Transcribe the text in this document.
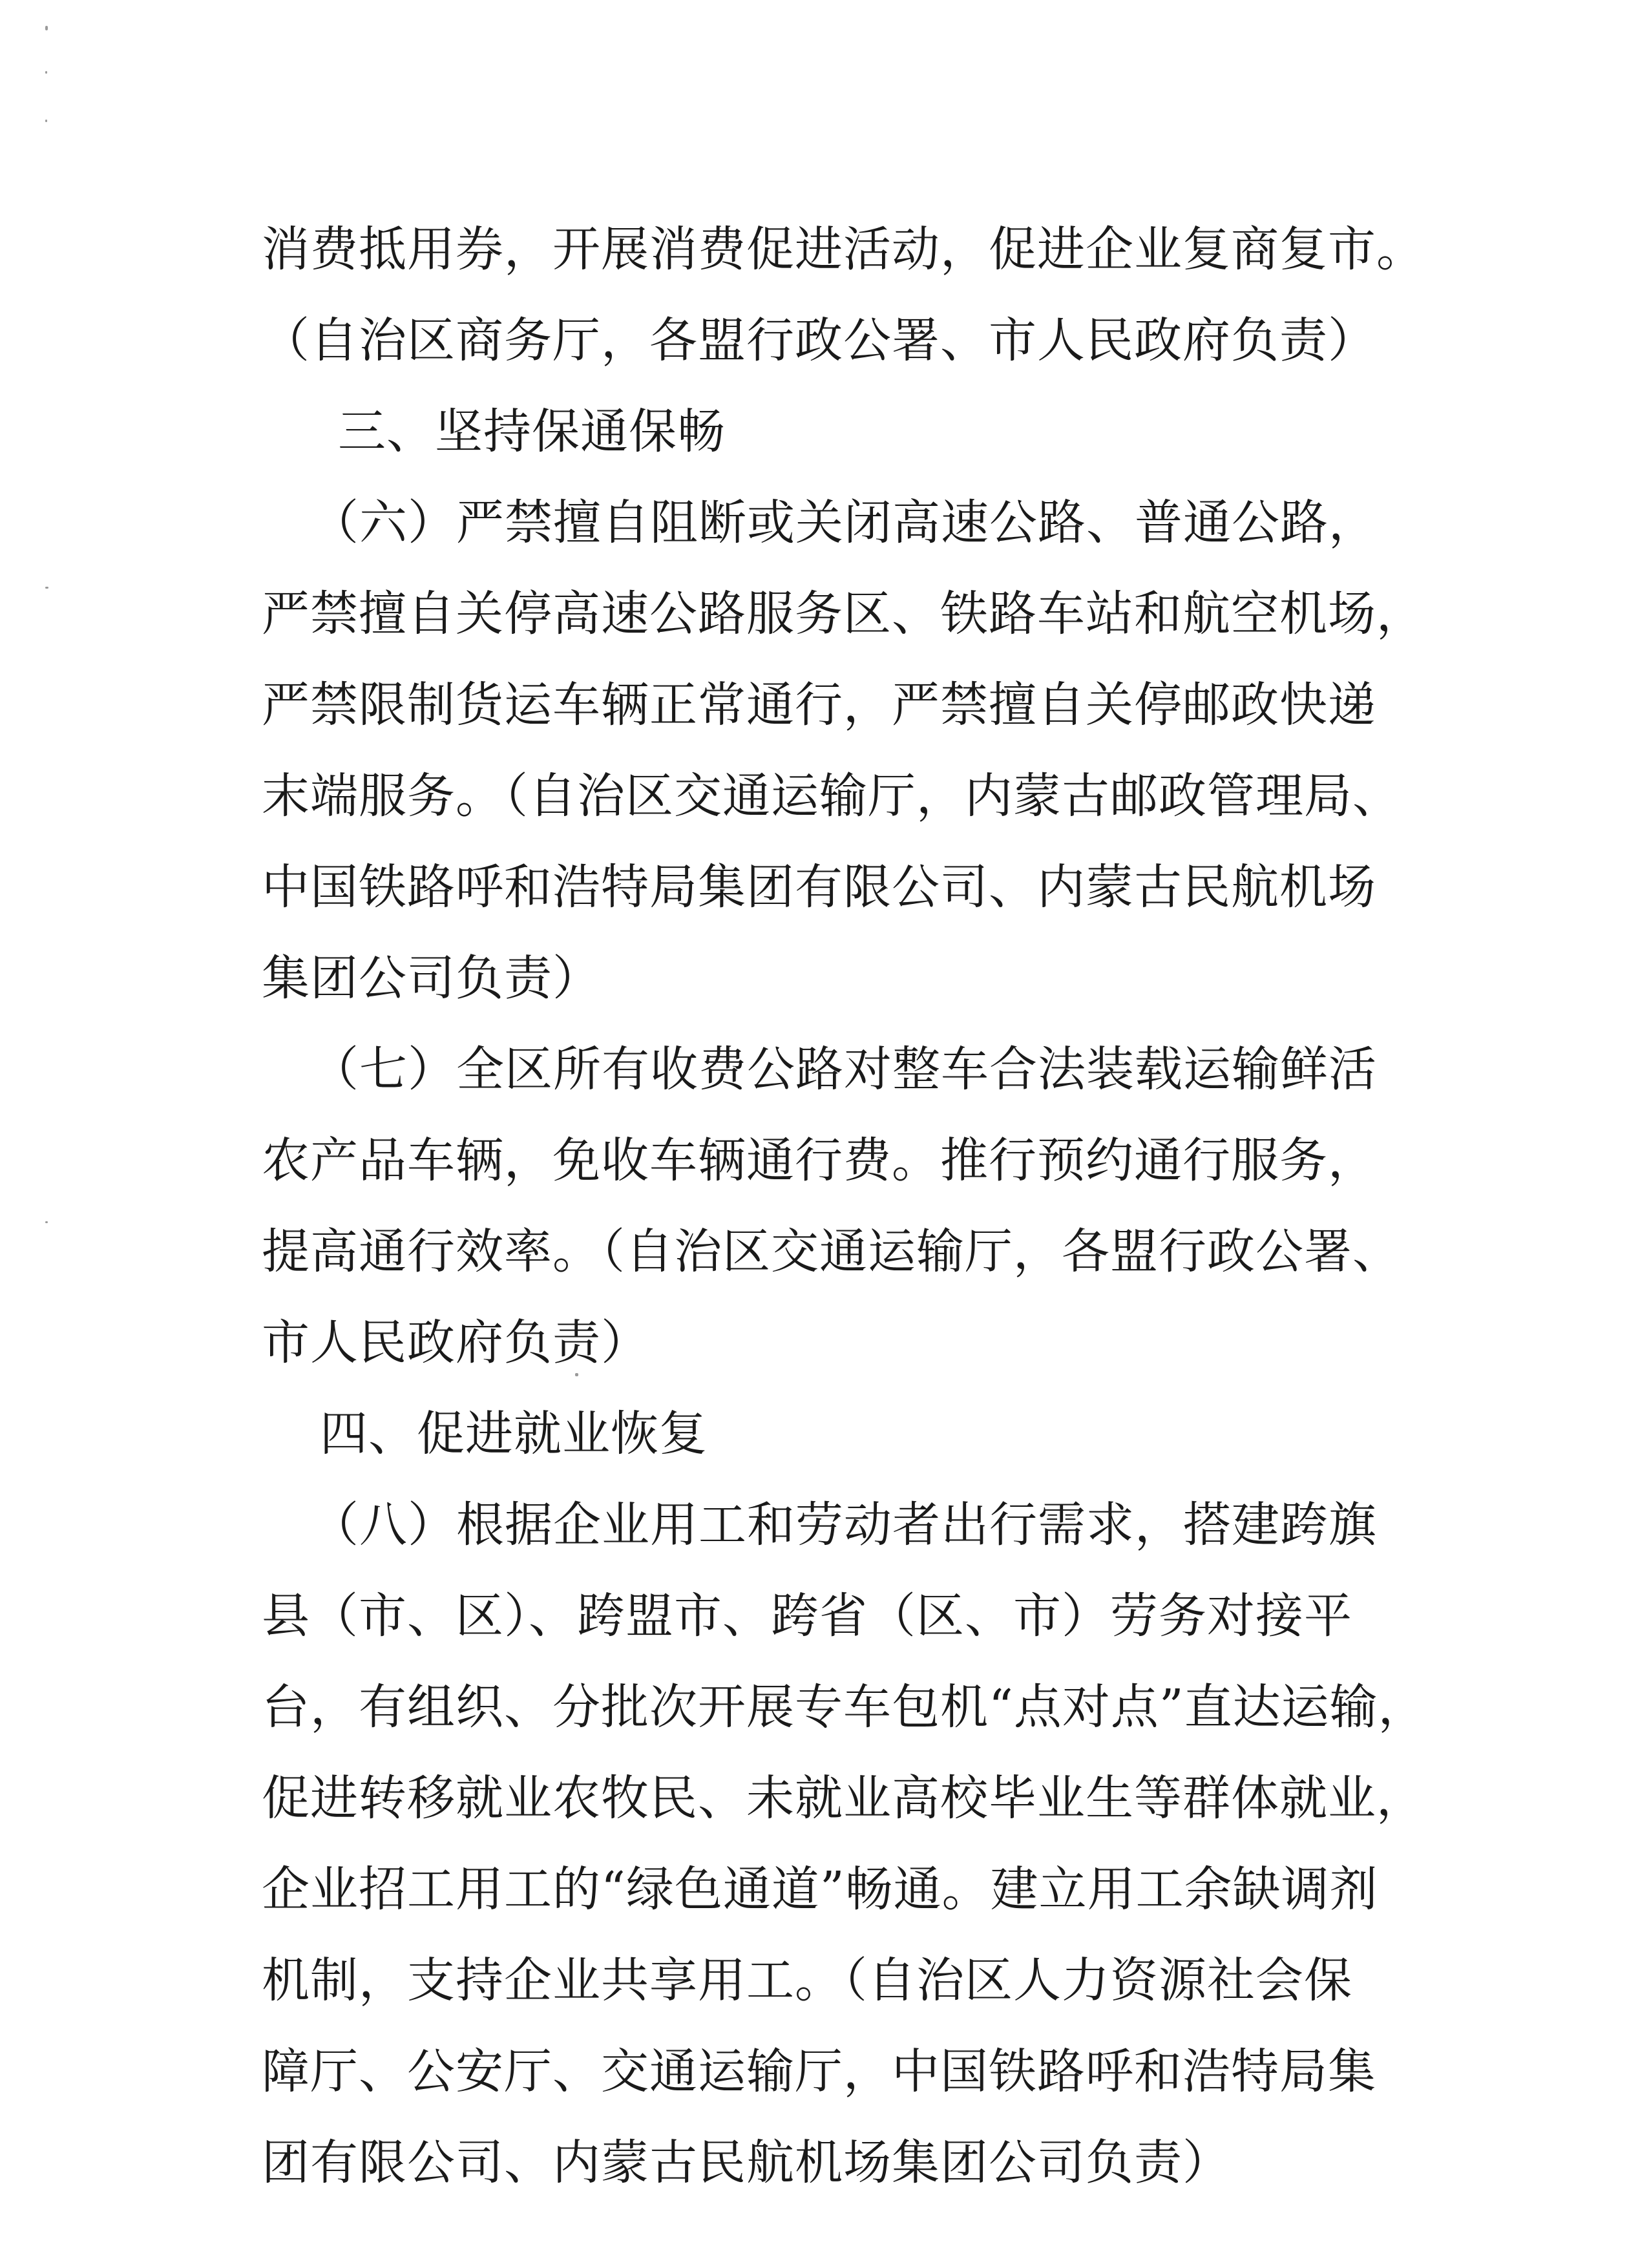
消费抵用券，开展消费促进活动，促进企业复商复市。
（自治区商务厅，各盟行政公署、市人民政府负责）
三、坚持保通保畅
（六）严禁擅自阻断或关闭高速公路、普通公路，
严禁擅自关停高速公路服务区、铁路车站和航空机场，
严禁限制货运车辆正常通行，严禁擅自关停邮政快递
末端服务。（自治区交通运输厅，内蒙古邮政管理局、
中国铁路呼和浩特局集团有限公司、内蒙古民航机场
集团公司负责）
（七）全区所有收费公路对整车合法装载运输鲜活
农产品车辆，免收车辆通行费。推行预约通行服务，
提高通行效率。（自治区交通运输厅，各盟行政公署、
市人民政府负责）
四、促进就业恢复
（八）根据企业用工和劳动者出行需求，搭建跨旗
县（市、区）、跨盟市、跨省（区、市）劳务对接平
台，有组织、分批次开展专车包机“点对点”直达运输，
促进转移就业农牧民、未就业高校毕业生等群体就业，
企业招工用工的“绿色通道”畅通。建立用工余缺调剂
机制，支持企业共享用工。（自治区人力资源社会保
障厅、公安厅、交通运输厅，中国铁路呼和浩特局集
团有限公司、内蒙古民航机场集团公司负责）
